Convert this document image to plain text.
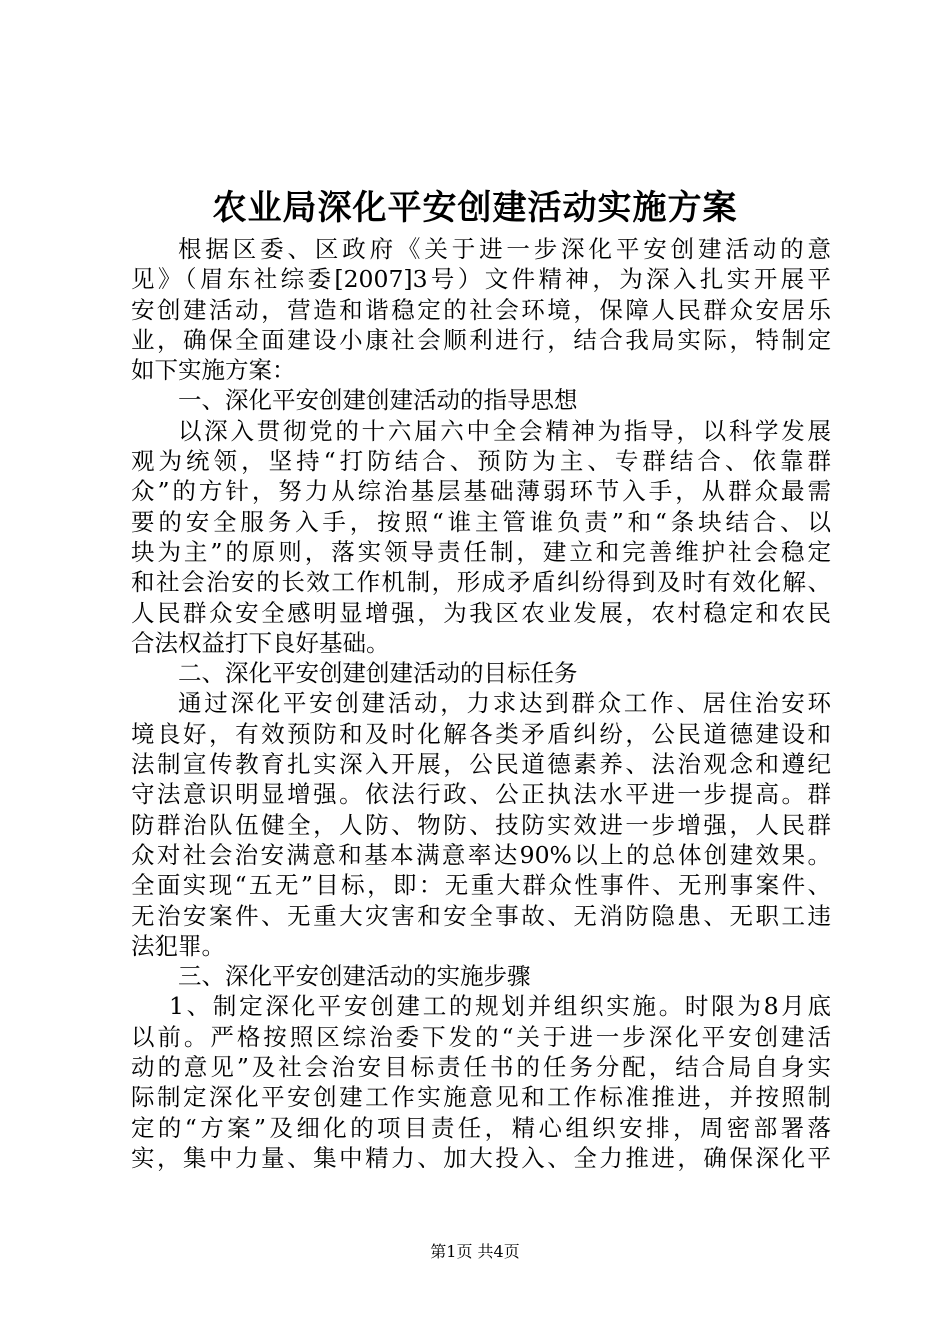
农业局深化平安创建活动实施方案
根据区委、区政府《关于进一步深化平安创建活动的意
见》（眉东社综委[2007]3号）文件精神，为深入扎实开展平
安创建活动，营造和谐稳定的社会环境，保障人民群众安居乐
业，确保全面建设小康社会顺利进行，结合我局实际，特制定
如下实施方案：
一、深化平安创建创建活动的指导思想
以深入贯彻党的十六届六中全会精神为指导，以科学发展
观为统领，坚持“打防结合、预防为主、专群结合、依靠群
众”的方针，努力从综治基层基础薄弱环节入手，从群众最需
要的安全服务入手，按照“谁主管谁负责”和“条块结合、以
块为主”的原则，落实领导责任制，建立和完善维护社会稳定
和社会治安的长效工作机制，形成矛盾纠纷得到及时有效化解、
人民群众安全感明显增强，为我区农业发展，农村稳定和农民
合法权益打下良好基础。
二、深化平安创建创建活动的目标任务
通过深化平安创建活动，力求达到群众工作、居住治安环
境良好，有效预防和及时化解各类矛盾纠纷，公民道德建设和
法制宣传教育扎实深入开展，公民道德素养、法治观念和遵纪
守法意识明显增强。依法行政、公正执法水平进一步提高。群
防群治队伍健全，人防、物防、技防实效进一步增强，人民群
众对社会治安满意和基本满意率达90%以上的总体创建效果。
全面实现“五无”目标，即：无重大群众性事件、无刑事案件、
无治安案件、无重大灾害和安全事故、无消防隐患、无职工违
法犯罪。
三、深化平安创建活动的实施步骤
1、制定深化平安创建工的规划并组织实施。时限为8月底
以前。严格按照区综治委下发的“关于进一步深化平安创建活
动的意见”及社会治安目标责任书的任务分配，结合局自身实
际制定深化平安创建工作实施意见和工作标准推进，并按照制
定的“方案”及细化的项目责任，精心组织安排，周密部署落
实，集中力量、集中精力、加大投入、全力推进，确保深化平
第1页 共4页
